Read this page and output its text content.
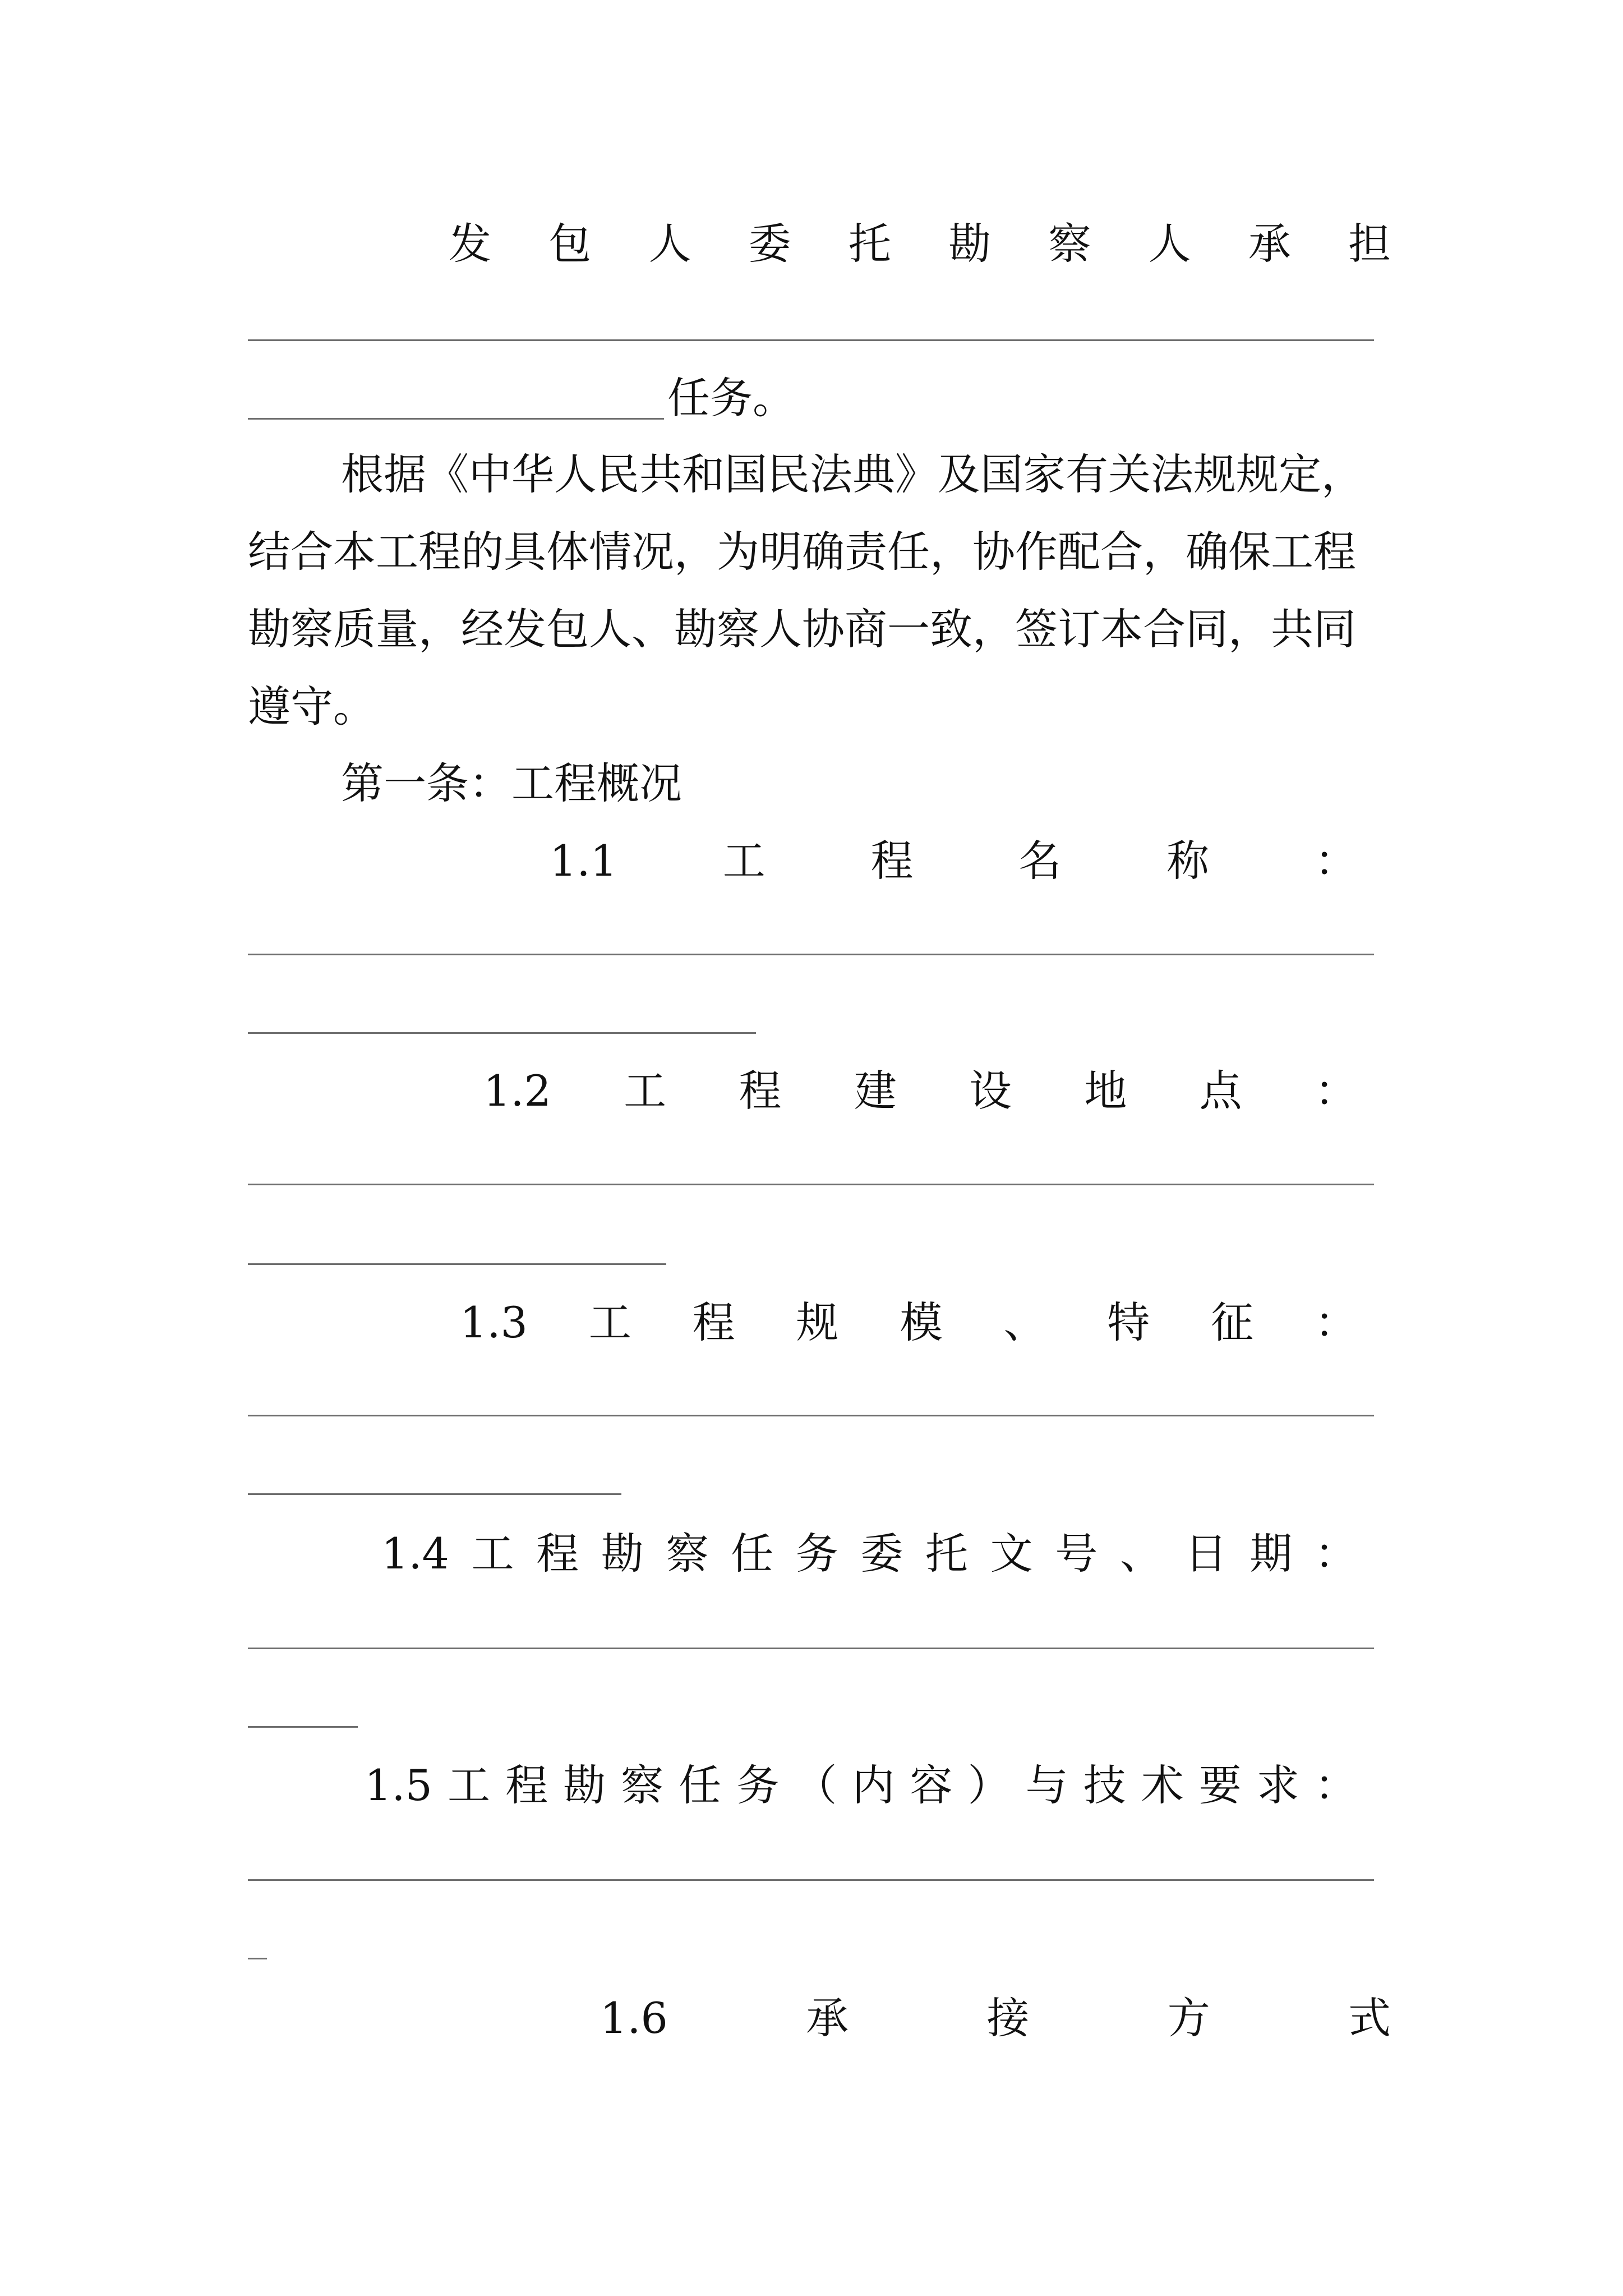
发 包 人 委 托 勘 察 人 承 担
任务。
根据《中华人民共和国民法典》及国家有关法规规定，
结合本工程的具体情况，为明确责任，协作配合，确保工程
勘察质量，经发包人、勘察人协商一致，签订本合同，共同
遵守。
第一条：工程概况
1.1 工 程 名 称 ：
1.2 工 程 建 设 地 点 ：
1.3 工 程 规 模 、 特 征 ：
1.4 工 程 勘 察 任 务 委 托 文 号 、 日 期 ：
1.5 工 程 勘 察 任 务 （ 内 容 ） 与 技 术 要 求 ：
1.6	承	接	方	式
